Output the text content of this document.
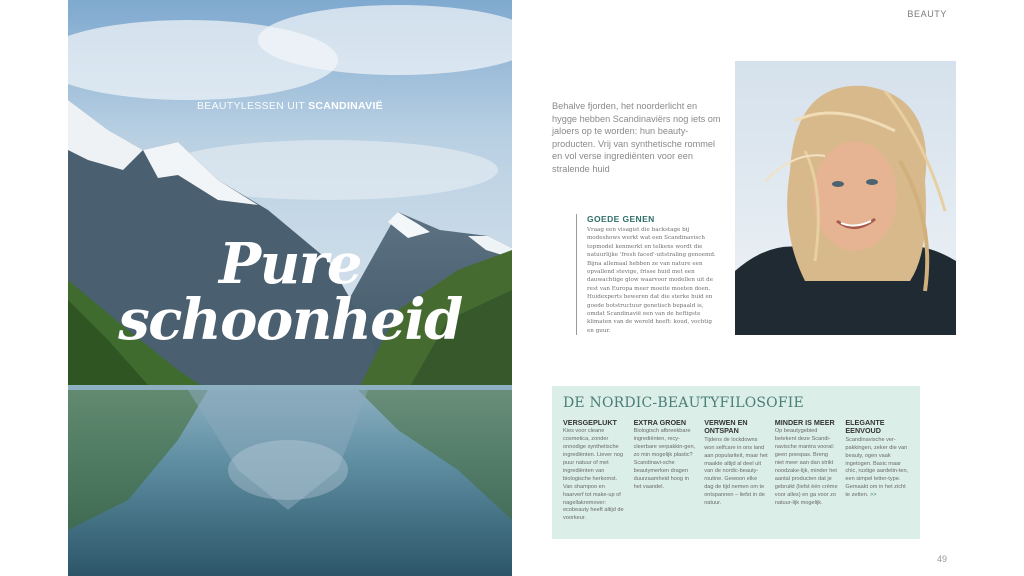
BEAUTYLESSEN UIT SCANDINAVIË
Pure
schoonheid
BEAUTY

Behalve fjorden, het noorderlicht en hygge hebben Scandinaviërs nog iets om jaloers op te worden: hun beauty-producten. Vrij van synthetische rommel en vol verse ingrediënten voor een stralende huid

GOEDE GENEN

Vraag een visagist die backstage bij modeshows werkt wat een Scandinavisch topmodel kenmerkt en telkens wordt die natuurlijke 'fresh faced'-uitstraling genoemd. Bijna allemaal hebben ze van nature een opvallend stevige, frisse huid met een dauwachtige glow waarvoor modellen uit de rest van Europa meer moeite moeten doen. Huidexperts beweren dat die sterke huid en goede botstructuur genetisch bepaald is, omdat Scandinavië een van de heftigste klimaten van de wereld heeft: koud, vochtig en guur.

DE NORDIC-BEAUTYFILOSOFIE
VERSGEPLUKT

Kies voor cleane cosmetica, zonder onnodige synthetische ingrediënten. Liever nog puur natuur of met ingrediënten van biologische herkomst. Van shampoo en haarverf tot make-up of nagellakremover: ecobeauty heeft altijd de voorkeur.

EXTRA GROEN

Biologisch afbreekbare ingrediënten, recy-cleerbare verpakkin-gen, zo min mogelijk plastic? Scandinavi-sche beautymerken dragen duurzaamheid hoog in het vaandel.

VERWEN EN ONTSPAN

Tijdens de lockdowns won selfcare in ons land aan populariteit, maar het maakte altijd al deel uit van de nordic-beauty-routine. Gewoon elke dag de tijd nemen om te ontspannen – liefst in de natuur.

MINDER IS MEER

Op beautygebied betekent deze Scandi-navische mantra vooral: geen poespas. Breng niet meer aan dan strikt noodzake-lijk, minder het aantal producten dat je gebruikt (liefst één crème voor alles) en ga voor zo natuur-lijk mogelijk.

ELEGANTE EENVOUD

Scandinavische ver-pakkingen, zeker die van beauty, ogen vaak ingetogen. Basic maar chic, rustige aardetin-ten, een simpel letter-type. Gemaakt om in het zicht te zetten. >>

49
